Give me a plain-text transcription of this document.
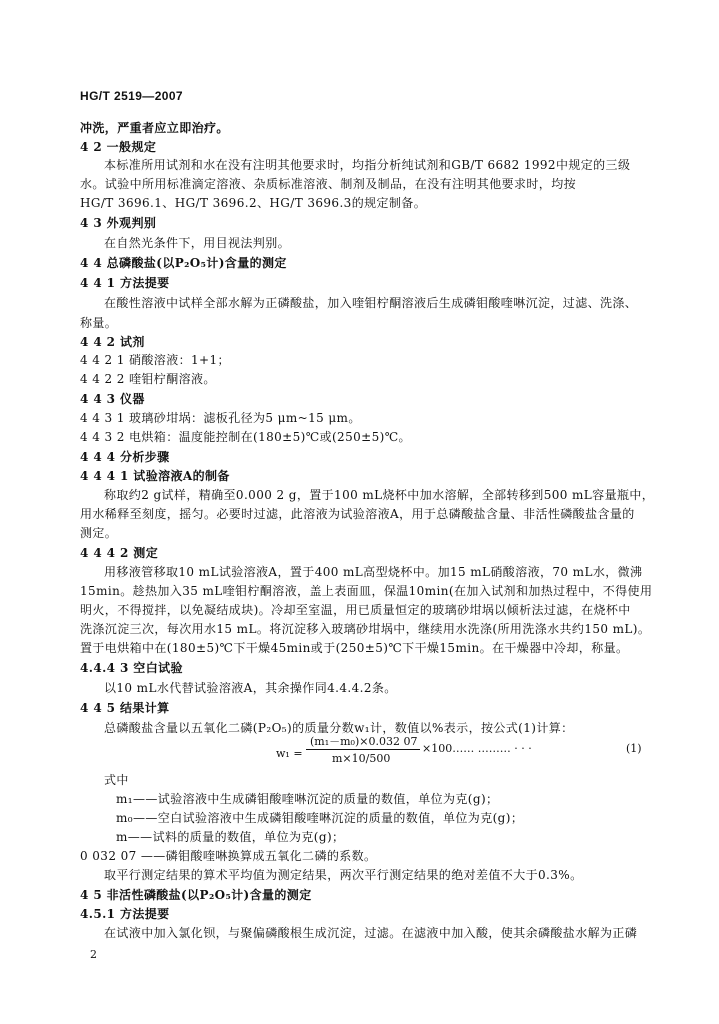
HG/T 2519—2007
冲洗，严重者应立即治疗。
4 2 一般规定
本标准所用试剂和水在没有注明其他要求时，均指分析纯试剂和GB/T 6682 1992中规定的三级
水。试验中所用标准滴定溶液、杂质标准溶液、制剂及制品，在没有注明其他要求时，均按
HG/T 3696.1、HG/T 3696.2、HG/T 3696.3的规定制备。
4 3 外观判别
在自然光条件下，用目视法判别。
4 4 总磷酸盐(以P₂O₅计)含量的测定
4 4 1 方法提要
在酸性溶液中试样全部水解为正磷酸盐，加入喹钼柠酮溶液后生成磷钼酸喹啉沉淀，过滤、洗涤、
称量。
4 4 2 试剂
4 4 2 1 硝酸溶液：1+1；
4 4 2 2 喹钼柠酮溶液。
4 4 3 仪器
4 4 3 1 玻璃砂坩埚：滤板孔径为5 μm~15 μm。
4 4 3 2 电烘箱：温度能控制在(180±5)℃或(250±5)℃。
4 4 4 分析步骤
4 4 4 1 试验溶液A的制备
称取约2 g试样，精确至0.000 2 g，置于100 mL烧杯中加水溶解，全部转移到500 mL容量瓶中，
用水稀释至刻度，摇匀。必要时过滤，此溶液为试验溶液A，用于总磷酸盐含量、非活性磷酸盐含量的
测定。
4 4 4 2 测定
用移液管移取10 mL试验溶液A，置于400 mL高型烧杯中。加15 mL硝酸溶液，70 mL水，微沸
15min。趁热加入35 mL喹钼柠酮溶液，盖上表面皿，保温10min(在加入试剂和加热过程中，不得使用
明火，不得搅拌，以免凝结成块)。冷却至室温，用已质量恒定的玻璃砂坩埚以倾析法过滤，在烧杯中
洗涤沉淀三次，每次用水15 mL。将沉淀移入玻璃砂坩埚中，继续用水洗涤(所用洗涤水共约150 mL)。
置于电烘箱中在(180±5)℃下干燥45min或于(250±5)℃下干燥15min。在干燥器中冷却，称量。
4.4.4 3 空白试验
以10 mL水代替试验溶液A，其余操作同4.4.4.2条。
4 4 5 结果计算
总磷酸盐含量以五氧化二磷(P₂O₅)的质量分数w₁计，数值以%表示，按公式(1)计算：
w₁ =
(m₁－m₀)×0.032 07
m×10/500
×100…… ……… · · ·	(1)
式中
m₁——试验溶液中生成磷钼酸喹啉沉淀的质量的数值，单位为克(g)；
m₀——空白试验溶液中生成磷钼酸喹啉沉淀的质量的数值，单位为克(g)；
m——试料的质量的数值，单位为克(g)；
0 032 07 ——磷钼酸喹啉换算成五氧化二磷的系数。
取平行测定结果的算术平均值为测定结果，两次平行测定结果的绝对差值不大于0.3%。
4 5 非活性磷酸盐(以P₂O₅计)含量的测定
4.5.1 方法提要
在试液中加入氯化钡，与聚偏磷酸根生成沉淀，过滤。在滤液中加入酸，使其余磷酸盐水解为正磷
2
